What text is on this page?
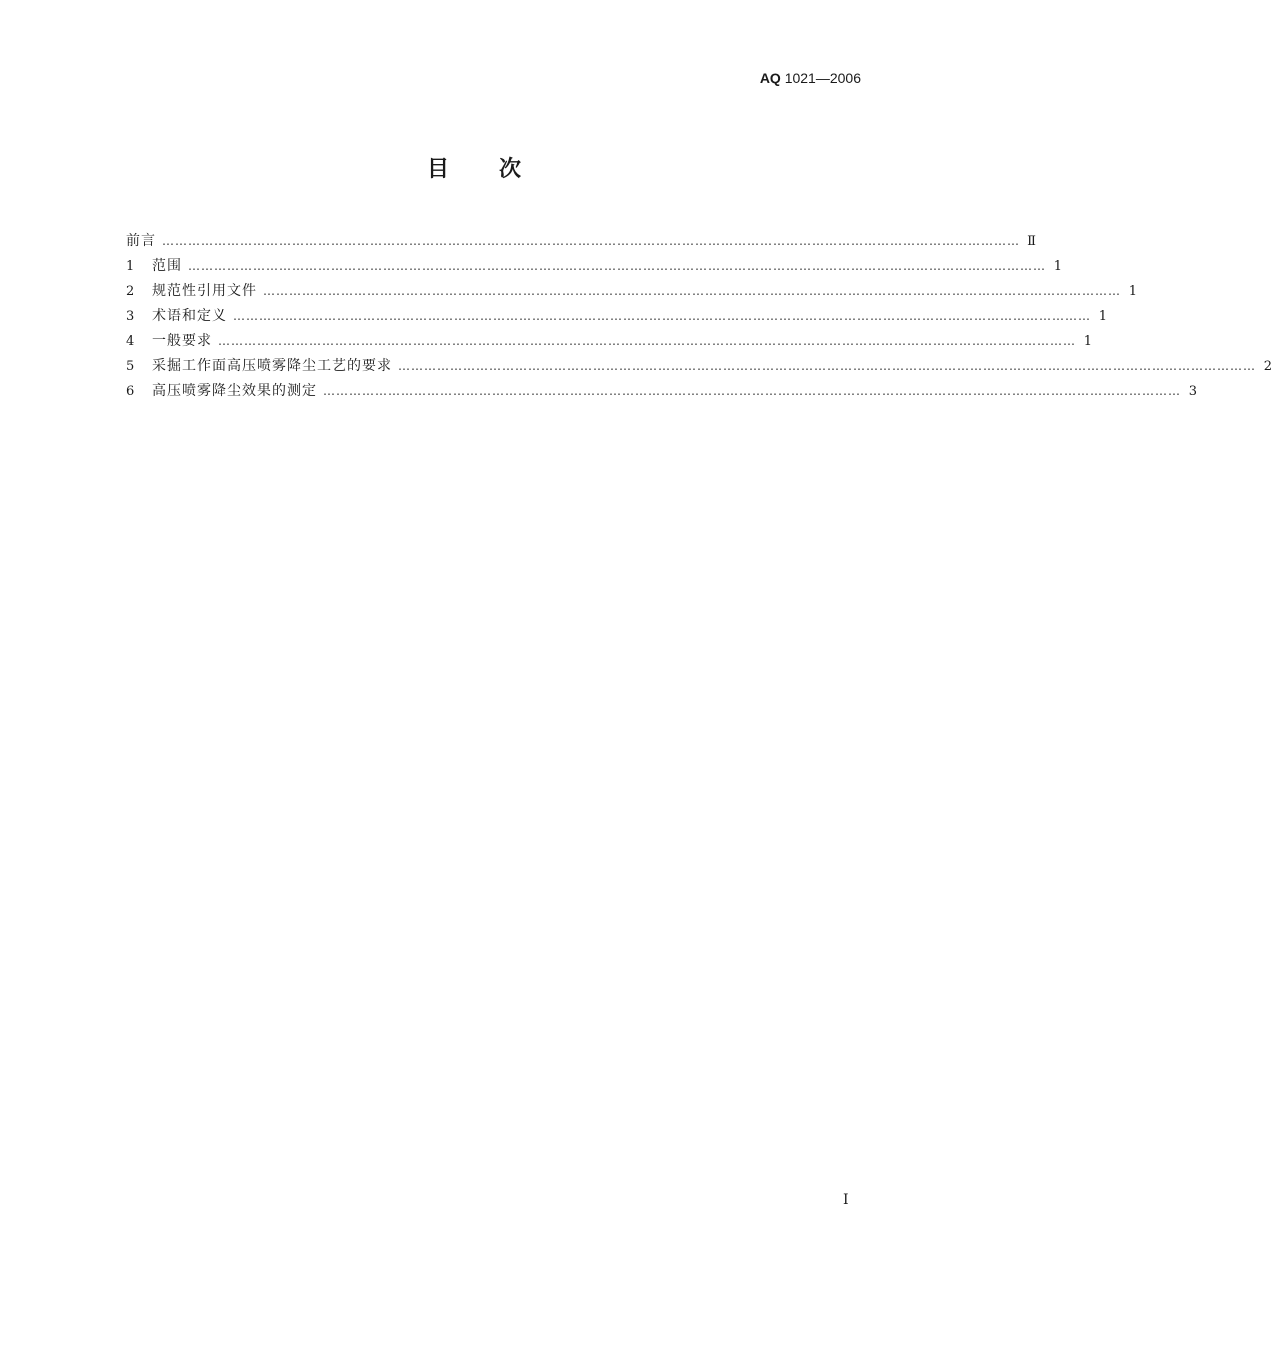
AQ 1021—2006
目 次
前言 ……………………………………………………………………………………………………………………………………………………………………………… Ⅱ
1	范围 ……………………………………………………………………………………………………………………………………………………………………………… 1
2	规范性引用文件 ……………………………………………………………………………………………………………………………………………………………………………… 1
3	术语和定义 ……………………………………………………………………………………………………………………………………………………………………………… 1
4	一般要求 ……………………………………………………………………………………………………………………………………………………………………………… 1
5	采掘工作面高压喷雾降尘工艺的要求 ……………………………………………………………………………………………………………………………………………………………………………… 2
6	高压喷雾降尘效果的测定 ……………………………………………………………………………………………………………………………………………………………………………… 3
Ⅰ
